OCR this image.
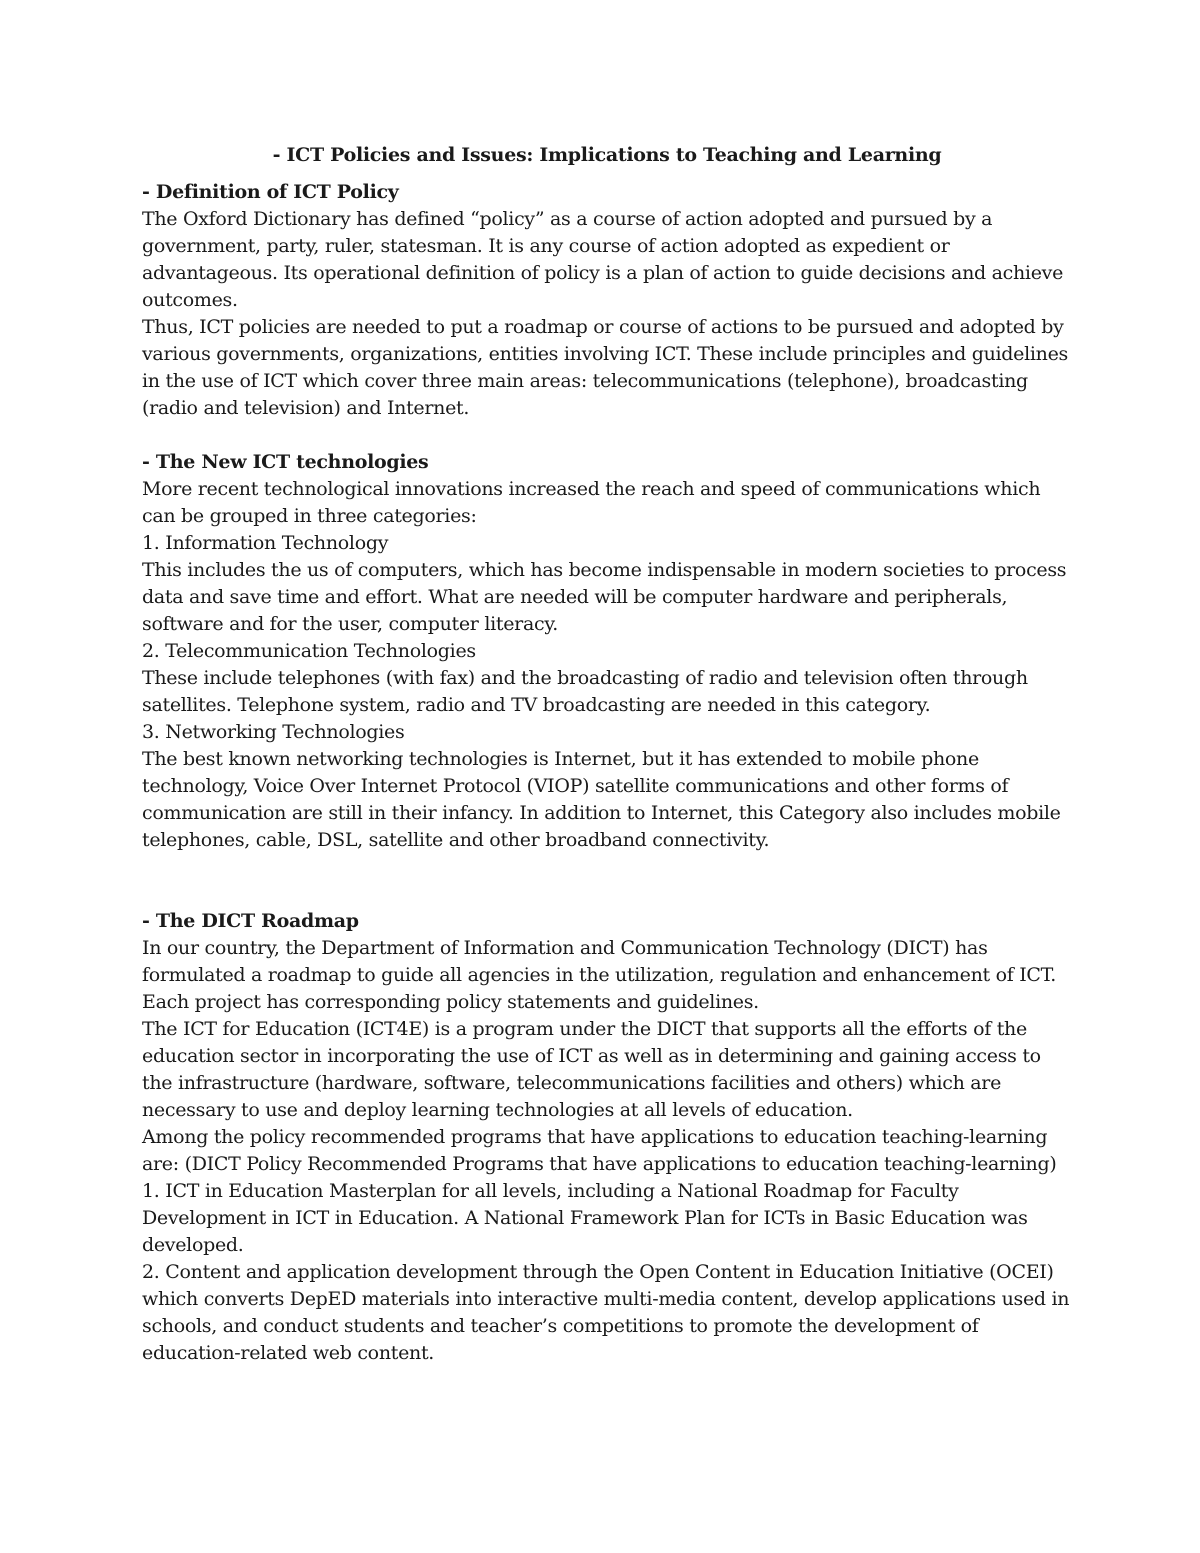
- ICT Policies and Issues: Implications to Teaching and Learning

- Definition of ICT Policy

The Oxford Dictionary has defined “policy” as a course of action adopted and pursued by a government, party, ruler, statesman. It is any course of action adopted as expedient or advantageous. Its operational definition of policy is a plan of action to guide decisions and achieve outcomes.

Thus, ICT policies are needed to put a roadmap or course of actions to be pursued and adopted by various governments, organizations, entities involving ICT. These include principles and guidelines in the use of ICT which cover three main areas: telecommunications (telephone), broadcasting (radio and television) and Internet.

- The New ICT technologies

More recent technological innovations increased the reach and speed of communications which can be grouped in three categories:

1. Information Technology

This includes the us of computers, which has become indispensable in modern societies to process data and save time and effort. What are needed will be computer hardware and peripherals, software and for the user, computer literacy.

2. Telecommunication Technologies

These include telephones (with fax) and the broadcasting of radio and television often through satellites. Telephone system, radio and TV broadcasting are needed in this category.

3. Networking Technologies

The best known networking technologies is Internet, but it has extended to mobile phone technology, Voice Over Internet Protocol (VIOP) satellite communications and other forms of communication are still in their infancy. In addition to Internet, this Category also includes mobile telephones, cable, DSL, satellite and other broadband connectivity.

- The DICT Roadmap

In our country, the Department of Information and Communication Technology (DICT) has formulated a roadmap to guide all agencies in the utilization, regulation and enhancement of ICT. Each project has corresponding policy statements and guidelines.

The ICT for Education (ICT4E) is a program under the DICT that supports all the efforts of the education sector in incorporating the use of ICT as well as in determining and gaining access to the infrastructure (hardware, software, telecommunications facilities and others) which are necessary to use and deploy learning technologies at all levels of education.

Among the policy recommended programs that have applications to education teaching-learning are: (DICT Policy Recommended Programs that have applications to education teaching-learning)

1. ICT in Education Masterplan for all levels, including a National Roadmap for Faculty Development in ICT in Education. A National Framework Plan for ICTs in Basic Education was developed.

2. Content and application development through the Open Content in Education Initiative (OCEI) which converts DepED materials into interactive multi-media content, develop applications used in schools, and conduct students and teacher’s competitions to promote the development of education-related web content.
